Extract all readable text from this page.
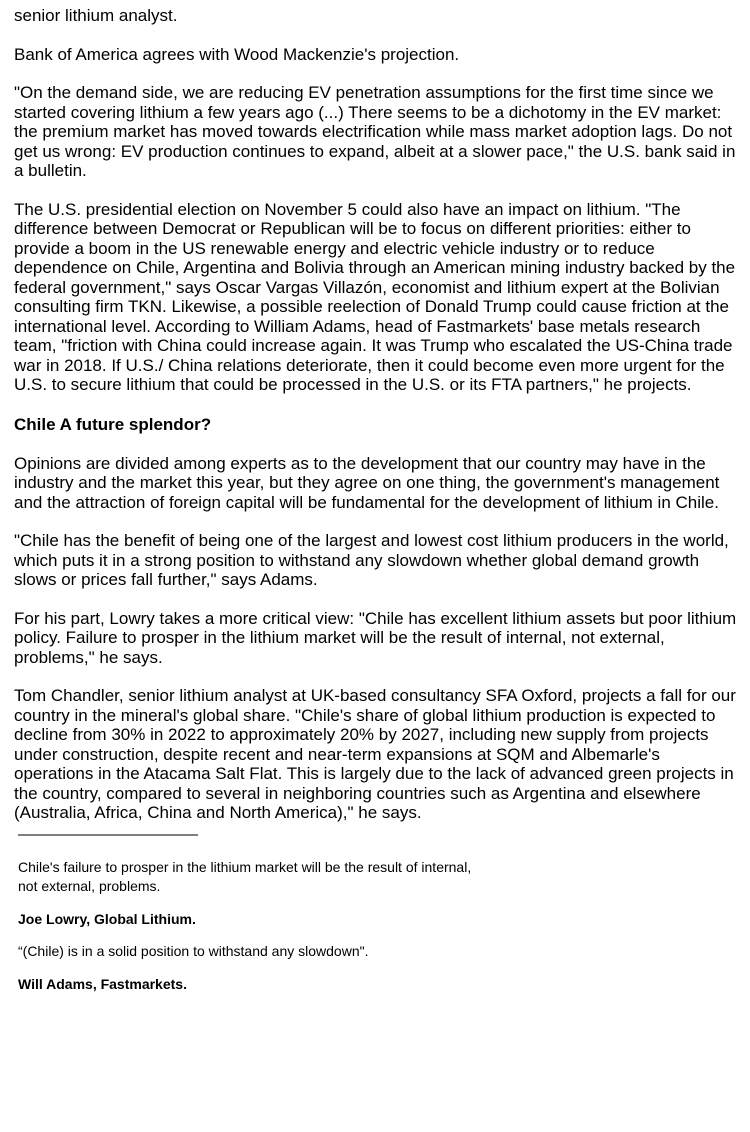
senior lithium analyst.

Bank of America agrees with Wood Mackenzie's projection.

"On the demand side, we are reducing EV penetration assumptions for the first time since we started covering lithium a few years ago (...) There seems to be a dichotomy in the EV market: the premium market has moved towards electrification while mass market adoption lags. Do not get us wrong: EV production continues to expand, albeit at a slower pace," the U.S. bank said in a bulletin.

The U.S. presidential election on November 5 could also have an impact on lithium. "The difference between Democrat or Republican will be to focus on different priorities: either to provide a boom in the US renewable energy and electric vehicle industry or to reduce dependence on Chile, Argentina and Bolivia through an American mining industry backed by the federal government," says Oscar Vargas Villazón, economist and lithium expert at the Bolivian consulting firm TKN. Likewise, a possible reelection of Donald Trump could cause friction at the international level. According to William Adams, head of Fastmarkets' base metals research team, "friction with China could increase again. It was Trump who escalated the US-China trade war in 2018. If U.S./ China relations deteriorate, then it could become even more urgent for the U.S. to secure lithium that could be processed in the U.S. or its FTA partners," he projects.

Chile A future splendor?

Opinions are divided among experts as to the development that our country may have in the industry and the market this year, but they agree on one thing, the government's management and the attraction of foreign capital will be fundamental for the development of lithium in Chile.

"Chile has the benefit of being one of the largest and lowest cost lithium producers in the world, which puts it in a strong position to withstand any slowdown whether global demand growth slows or prices fall further," says Adams.

For his part, Lowry takes a more critical view: "Chile has excellent lithium assets but poor lithium policy. Failure to prosper in the lithium market will be the result of internal, not external, problems," he says.

Tom Chandler, senior lithium analyst at UK-based consultancy SFA Oxford, projects a fall for our country in the mineral's global share. "Chile's share of global lithium production is expected to decline from 30% in 2022 to approximately 20% by 2027, including new supply from projects under construction, despite recent and near-term expansions at SQM and Albemarle's operations in the Atacama Salt Flat. This is largely due to the lack of advanced green projects in the country, compared to several in neighboring countries such as Argentina and elsewhere (Australia, Africa, China and North America)," he says.

————————————

Chile's failure to prosper in the lithium market will be the result of internal, not external, problems.

Joe Lowry, Global Lithium.

“(Chile) is in a solid position to withstand any slowdown".

Will Adams, Fastmarkets.
